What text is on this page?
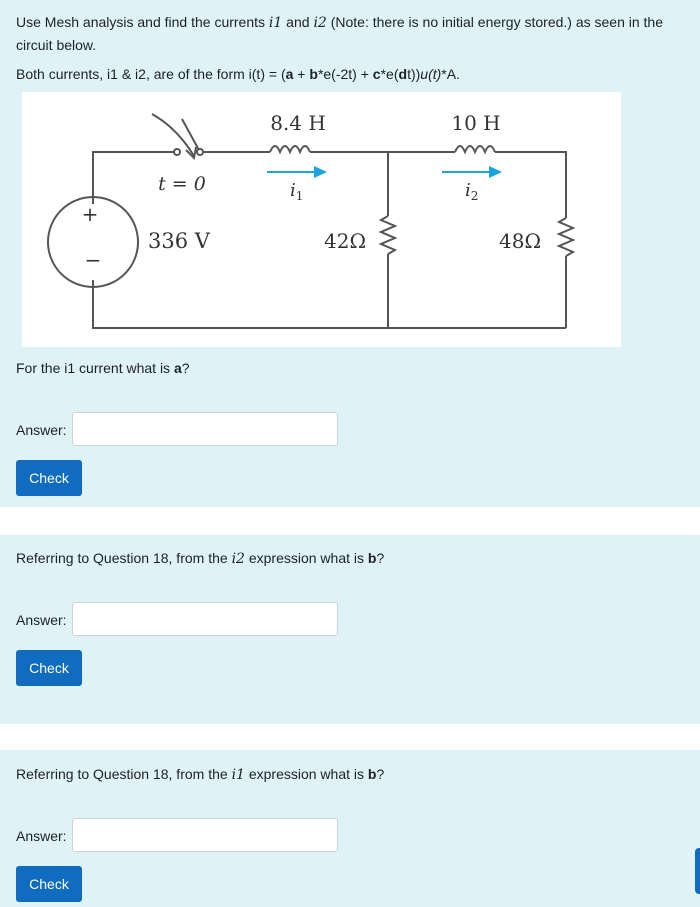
Use Mesh analysis and find the currents i1 and i2 (Note: there is no initial energy stored.) as seen in the
circuit below.

Both currents, i1 & i2, are of the form i(t) = (a + b*e(-2t) + c*e(dt))u(t)*A.

8.4 H	10 H
t = 0	$i_1$	$i_2$
+
−
336 V	42Ω	48Ω

For the i1 current what is a?

Answer:
Check

Referring to Question 18, from the i2 expression what is b?

Answer:
Check

Referring to Question 18, from the i1 expression what is b?

Answer:
Check
